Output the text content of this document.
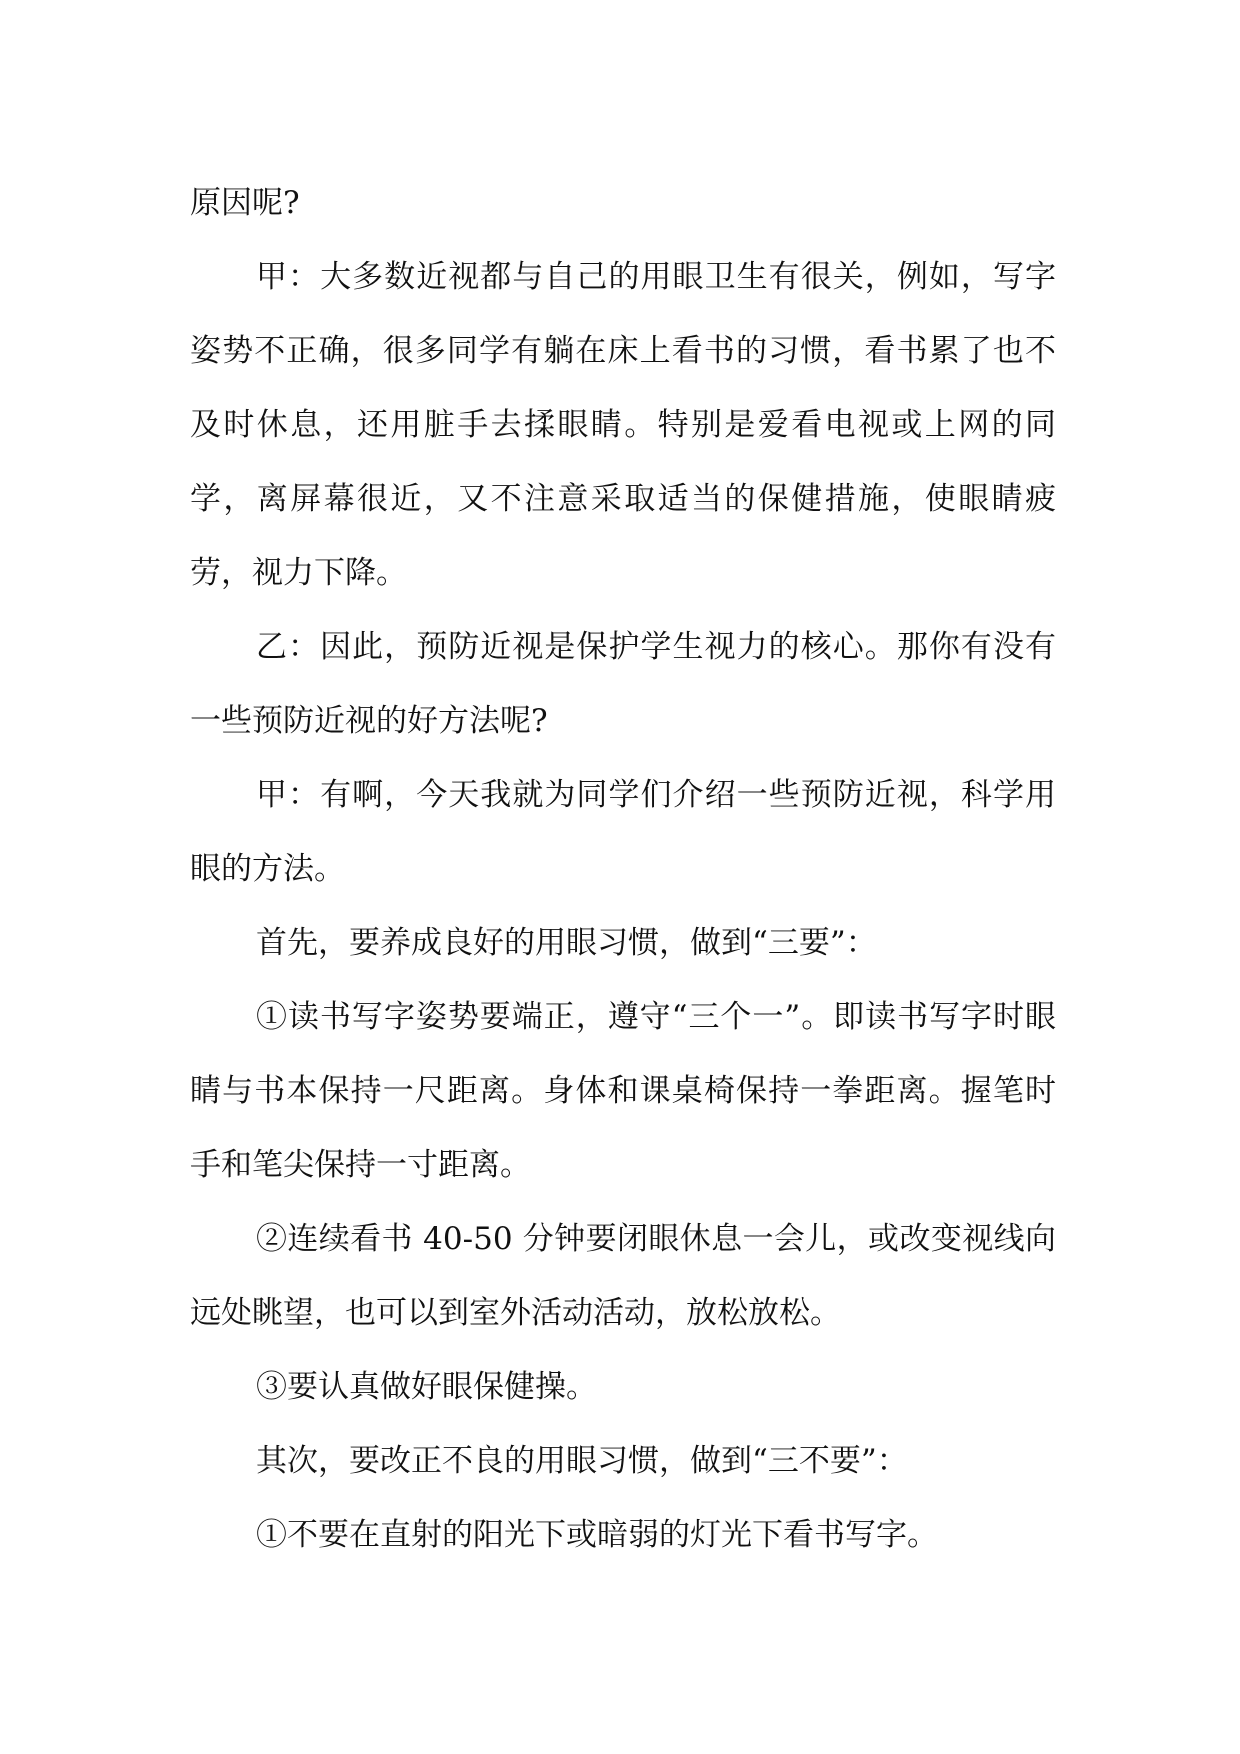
原因呢?

甲：大多数近视都与自己的用眼卫生有很关，例如，写字姿势不正确，很多同学有躺在床上看书的习惯，看书累了也不及时休息，还用脏手去揉眼睛。特别是爱看电视或上网的同学，离屏幕很近，又不注意采取适当的保健措施，使眼睛疲劳，视力下降。

乙：因此，预防近视是保护学生视力的核心。那你有没有一些预防近视的好方法呢?

甲：有啊，今天我就为同学们介绍一些预防近视，科学用眼的方法。

首先，要养成良好的用眼习惯，做到“三要”：

①读书写字姿势要端正，遵守“三个一”。即读书写字时眼睛与书本保持一尺距离。身体和课桌椅保持一拳距离。握笔时手和笔尖保持一寸距离。

②连续看书 40-50 分钟要闭眼休息一会儿，或改变视线向远处眺望，也可以到室外活动活动，放松放松。

③要认真做好眼保健操。

其次，要改正不良的用眼习惯，做到“三不要”：

①不要在直射的阳光下或暗弱的灯光下看书写字。
